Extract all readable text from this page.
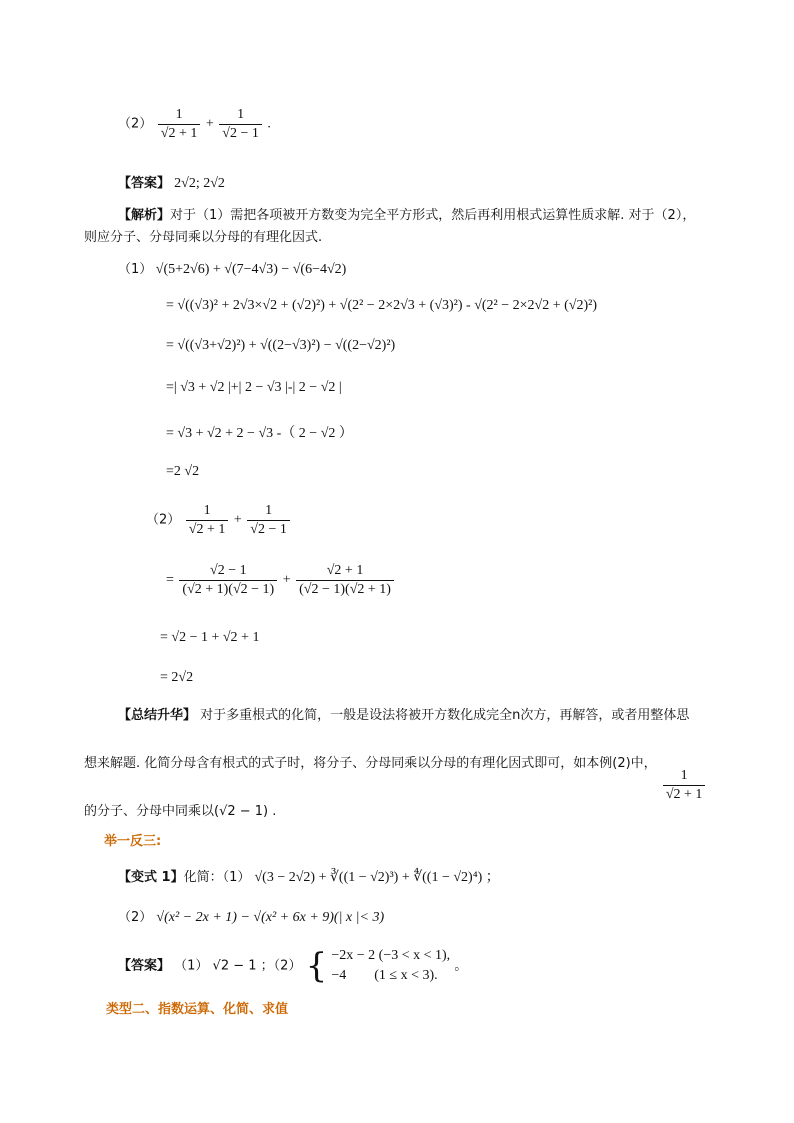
$(2) \frac{1}{√2 + 1} + \frac{1}{√2 - 1}$ .
【答案】 2√2; 2√2
【解析】对于（1）需把各项被开方数变为完全平方形式，然后再利用根式运算性质求解. 对于（2），
则应分子、分母同乘以分母的有理化因式.
（1） √(5+2√6) + √(7−4√3) − √(6−4√2)
= √((√3)² + 2√3×√2 + (√2)²) + √(2² − 2×2√3 + (√3)²) - √(2² − 2×2√2 + (√2)²)
= √((√3+√2)²) + √((2−√3)²) − √((2−√2)²)
=| √3 + √2 |+| 2 − √3 |-| 2 − √2 |
= √3 + √2 + 2 − √3 -（ 2 − √2 ）
=2 √2
$(2) \frac{1}{√2 + 1} + \frac{1}{√2 - 1}$
= $\frac{√2 - 1}{(√2 + 1)(√2 - 1)} + \frac{√2 + 1}{(√2 - 1)(√2 + 1)}$
= √2 − 1 + √2 + 1
= 2√2
【总结升华】 对于多重根式的化简，一般是设法将被开方数化成完全n次方，再解答，或者用整体思
想来解题. 化简分母含有根式的式子时，将分子、分母同乘以分母的有理化因式即可，如本例(2)中，
$\frac{1}{√2 + 1}$
的分子、分母中同乘以(√2 − 1) .
举一反三:
【变式 1】化简：（1） √(3 − 2√2) + ∛((1 − √2)³) + ∜((1 − √2)⁴) ；
（2） √(x² − 2x + 1) − √(x² + 6x + 9)(| x |< 3)
【答案】 （1） √2 − 1 ；（2） { −2x − 2 (−3 < x < 1),
−4        (1 ≤ x < 3).
。
类型二、指数运算、化简、求值
